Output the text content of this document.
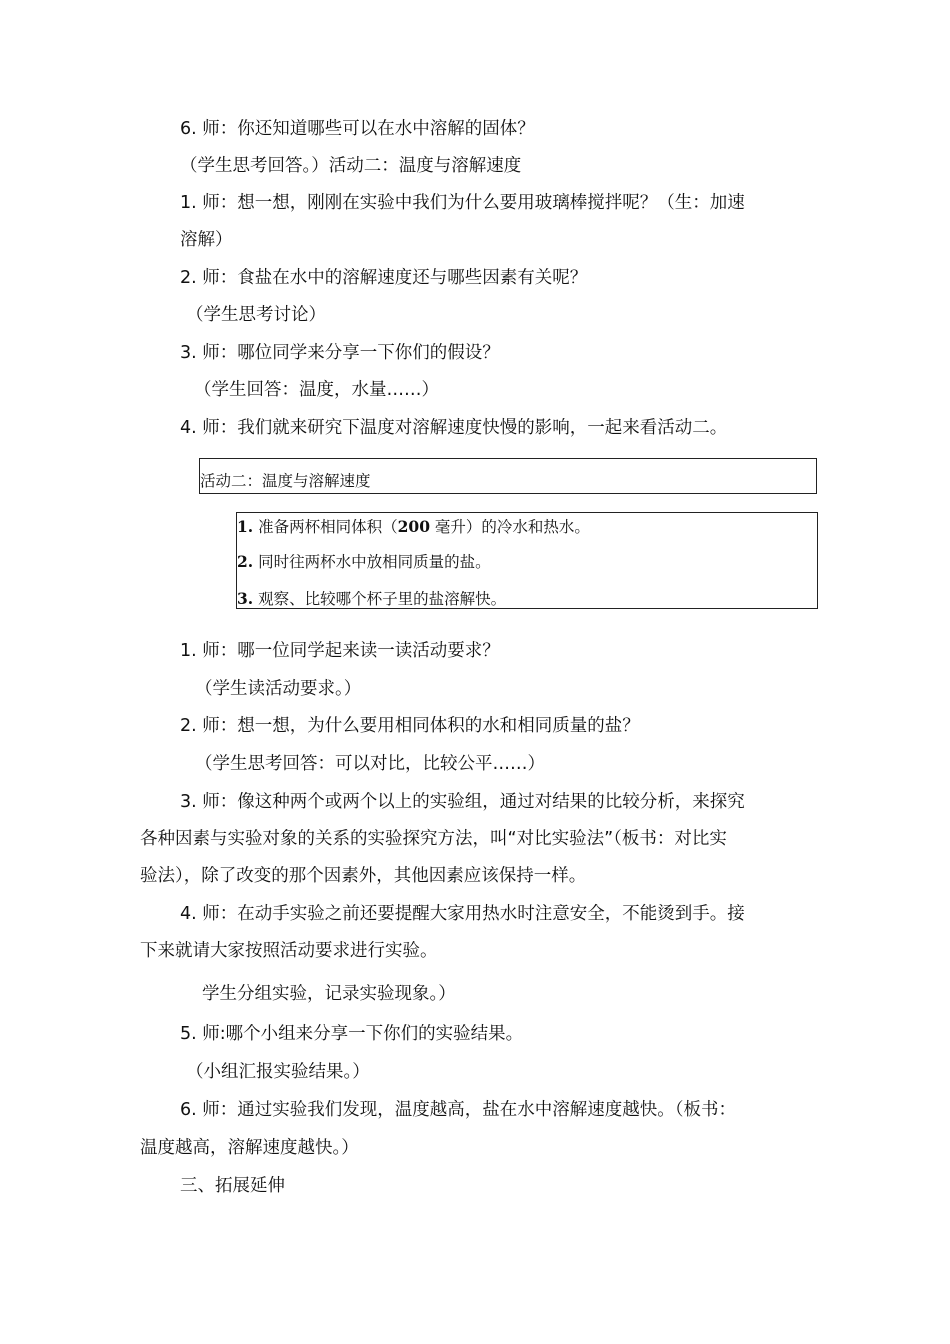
6. 师：你还知道哪些可以在水中溶解的固体？
（学生思考回答。）活动二：温度与溶解速度
1. 师：想一想，刚刚在实验中我们为什么要用玻璃棒搅拌呢？（生：加速
溶解）
2. 师：食盐在水中的溶解速度还与哪些因素有关呢？
（学生思考讨论）
3. 师：哪位同学来分享一下你们的假设？
（学生回答：温度，水量……）
4. 师：我们就来研究下温度对溶解速度快慢的影响，一起来看活动二。
活动二：温度与溶解速度
1. 准备两杯相同体积（200 毫升）的冷水和热水。
2. 同时往两杯水中放相同质量的盐。
3. 观察、比较哪个杯子里的盐溶解快。
1. 师：哪一位同学起来读一读活动要求？
（学生读活动要求。）
2. 师：想一想，为什么要用相同体积的水和相同质量的盐？
（学生思考回答：可以对比，比较公平……）
3. 师：像这种两个或两个以上的实验组，通过对结果的比较分析，来探究
各种因素与实验对象的关系的实验探究方法，叫“对比实验法”（板书：对比实
验法），除了改变的那个因素外，其他因素应该保持一样。
4. 师：在动手实验之前还要提醒大家用热水时注意安全，不能烫到手。接
下来就请大家按照活动要求进行实验。
学生分组实验，记录实验现象。）
5. 师:哪个小组来分享一下你们的实验结果。
（小组汇报实验结果。）
6. 师：通过实验我们发现，温度越高，盐在水中溶解速度越快。（板书：
温度越高，溶解速度越快。）
三、拓展延伸
